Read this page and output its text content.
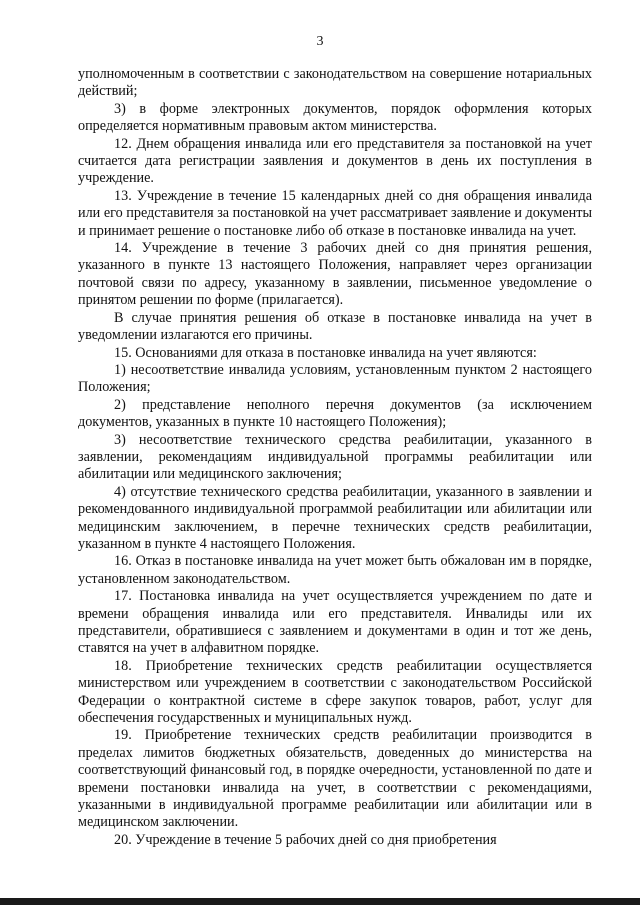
3

уполномоченным в соответствии с законодательством на совершение нотариальных действий;

3) в форме электронных документов, порядок оформления которых определяется нормативным правовым актом министерства.

12. Днем обращения инвалида или его представителя за постановкой на учет считается дата регистрации заявления и документов в день их поступления в учреждение.

13. Учреждение в течение 15 календарных дней со дня обращения инвалида или его представителя за постановкой на учет рассматривает заявление и документы и принимает решение о постановке либо об отказе в постановке инвалида на учет.

14. Учреждение в течение 3 рабочих дней со дня принятия решения, указанного в пункте 13 настоящего Положения, направляет через организации почтовой связи по адресу, указанному в заявлении, письменное уведомление о принятом решении по форме (прилагается).

В случае принятия решения об отказе в постановке инвалида на учет в уведомлении излагаются его причины.

15. Основаниями для отказа в постановке инвалида на учет являются:

1) несоответствие инвалида условиям, установленным пунктом 2 настоящего Положения;

2) представление неполного перечня документов (за исключением документов, указанных в пункте 10 настоящего Положения);

3) несоответствие технического средства реабилитации, указанного в заявлении, рекомендациям индивидуальной программы реабилитации или абилитации или медицинского заключения;

4) отсутствие технического средства реабилитации, указанного в заявлении и рекомендованного индивидуальной программой реабилитации или абилитации или медицинским заключением, в перечне технических средств реабилитации, указанном в пункте 4 настоящего Положения.

16. Отказ в постановке инвалида на учет может быть обжалован им в порядке, установленном законодательством.

17. Постановка инвалида на учет осуществляется учреждением по дате и времени обращения инвалида или его представителя. Инвалиды или их представители, обратившиеся с заявлением и документами в один и тот же день, ставятся на учет в алфавитном порядке.

18. Приобретение технических средств реабилитации осуществляется министерством или учреждением в соответствии с законодательством Российской Федерации о контрактной системе в сфере закупок товаров, работ, услуг для обеспечения государственных и муниципальных нужд.

19. Приобретение технических средств реабилитации производится в пределах лимитов бюджетных обязательств, доведенных до министерства на соответствующий финансовый год, в порядке очередности, установленной по дате и времени постановки инвалида на учет, в соответствии с рекомендациями, указанными в индивидуальной программе реабилитации или абилитации или в медицинском заключении.

20. Учреждение в течение 5 рабочих дней со дня приобретения
